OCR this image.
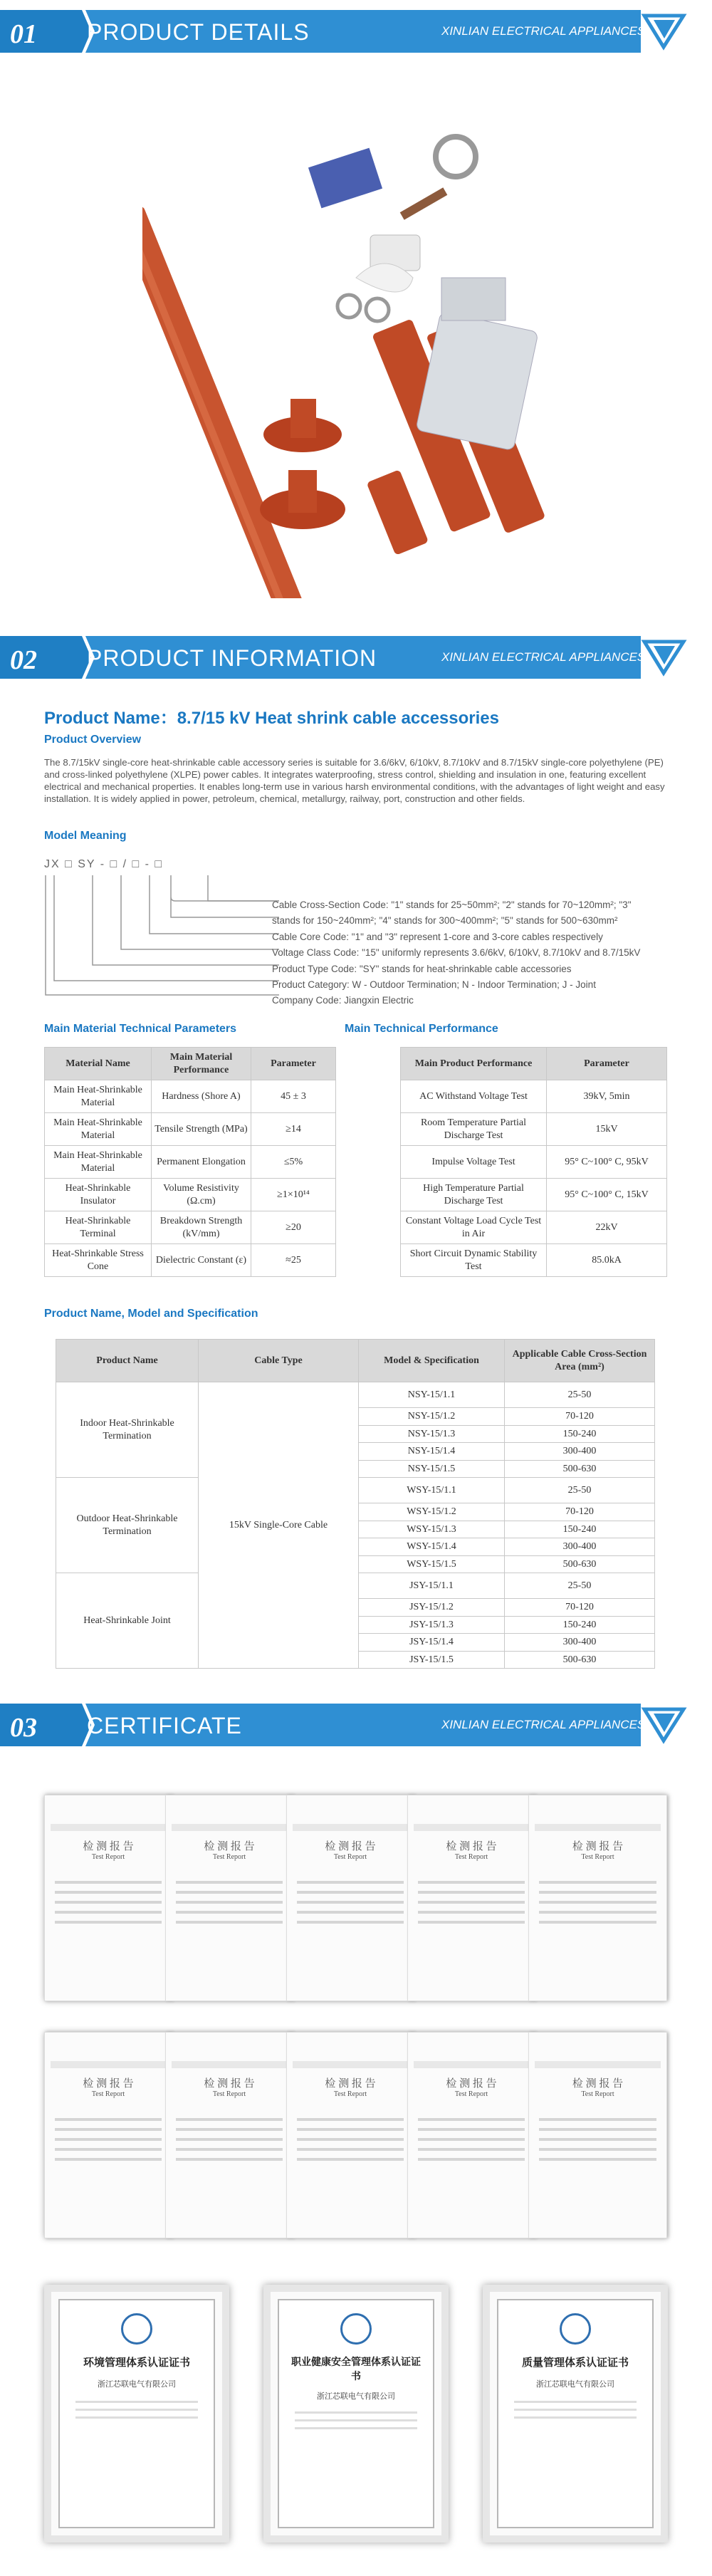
01 PRODUCT DETAILS	XINLIAN ELECTRICAL APPLIANCES
02 PRODUCT INFORMATION	XINLIAN ELECTRICAL APPLIANCES
Product Name：8.7/15 kV Heat shrink cable accessories
Product Overview
The 8.7/15kV single-core heat-shrinkable cable accessory series is suitable for 3.6/6kV, 6/10kV, 8.7/10kV and 8.7/15kV single-core polyethylene (PE) and cross-linked polyethylene (XLPE) power cables. It integrates waterproofing, stress control, shielding and insulation in one, featuring excellent electrical and mechanical properties. It enables long-term use in various harsh environmental conditions, with the advantages of light weight and easy installation. It is widely applied in power, petroleum, chemical, metallurgy, railway, port, construction and other fields.
Model Meaning
JX □ SY - □ / □ - □
Cable Cross-Section Code: "1" stands for 25~50mm²; "2" stands for 70~120mm²; "3"
stands for 150~240mm²; "4" stands for 300~400mm²; "5" stands for 500~630mm²
Cable Core Code: "1" and "3" represent 1-core and 3-core cables respectively
Voltage Class Code: "15" uniformly represents 3.6/6kV, 6/10kV, 8.7/10kV and 8.7/15kV
Product Type Code: "SY" stands for heat-shrinkable cable accessories
Product Category: W - Outdoor Termination; N - Indoor Termination; J - Joint
Company Code: Jiangxin Electric
Main Material Technical Parameters	Main Technical Performance
Material Name	Main Material Performance	Parameter
Main Heat-Shrinkable Material	Hardness (Shore A)	45 ± 3
Main Heat-Shrinkable Material	Tensile Strength (MPa)	≥14
Main Heat-Shrinkable Material	Permanent Elongation	≤5%
Heat-Shrinkable Insulator	Volume Resistivity (Ω.cm)	≥1×10¹⁴
Heat-Shrinkable Terminal	Breakdown Strength (kV/mm)	≥20
Heat-Shrinkable Stress Cone	Dielectric Constant (ε)	≈25
Main Product Performance	Parameter
AC Withstand Voltage Test	39kV, 5min
Room Temperature Partial Discharge Test	15kV
Impulse Voltage Test	95° C~100° C, 95kV
High Temperature Partial Discharge Test	95° C~100° C, 15kV
Constant Voltage Load Cycle Test in Air	22kV
Short Circuit Dynamic Stability Test	85.0kA
Product Name, Model and Specification
Product Name	Cable Type	Model & Specification	Applicable Cable Cross-Section Area (mm²)
Indoor Heat-Shrinkable Termination	15kV Single-Core Cable	NSY-15/1.1	25-50
		NSY-15/1.2	70-120
		NSY-15/1.3	150-240
		NSY-15/1.4	300-400
		NSY-15/1.5	500-630
Outdoor Heat-Shrinkable Termination		WSY-15/1.1	25-50
		WSY-15/1.2	70-120
		WSY-15/1.3	150-240
		WSY-15/1.4	300-400
		WSY-15/1.5	500-630
Heat-Shrinkable Joint		JSY-15/1.1	25-50
		JSY-15/1.2	70-120
		JSY-15/1.3	150-240
		JSY-15/1.4	300-400
		JSY-15/1.5	500-630
03 CERTIFICATE	XINLIAN ELECTRICAL APPLIANCES
检 测 报 告
Test Report
检 测 报 告
Test Report
检 测 报 告
Test Report
检 测 报 告
Test Report
检 测 报 告
Test Report
检 测 报 告
Test Report
检 测 报 告
Test Report
检 测 报 告
Test Report
检 测 报 告
Test Report
检 测 报 告
Test Report
环境管理体系认证证书
浙江芯联电气有限公司
职业健康安全管理体系认证证书
浙江芯联电气有限公司
质量管理体系认证证书
浙江芯联电气有限公司
